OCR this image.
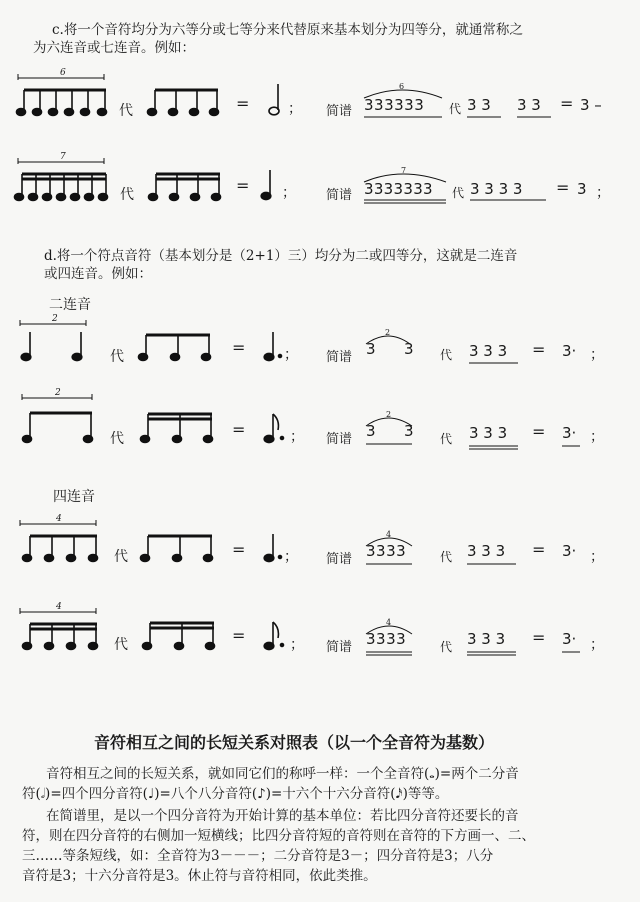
c.将一个音符均分为六等分或七等分来代替原来基本划分为四等分，就通常称之
为六连音或七连音。例如：
6
7
2
2
4
4
6
7
2
2
4
4
代	=	； 简谱 333333 代 3 3 3 3 = 3 –
代	= ； 简谱 3333333 代 3 3 3 3 = 3 ；
d.将一个符点音符（基本划分是（2+1）三）均分为二或四等分，这就是二连音
或四连音。例如：
二连音
代	=	； 简谱 3 3 代 3 3 3 = 3· ；
代	=	； 简谱 3 3 代 3 3 3 = 3· ；
四连音
代	=	； 简谱 3333	代 3 3 3 = 3· ；
代	=	； 简谱 3333	代 3 3 3 = 3· ；
音符相互之间的长短关系对照表（以一个全音符为基数）
音符相互之间的长短关系，就如同它们的称呼一样：一个全音符(𝅝)=两个二分音
符(𝅗𝅥)=四个四分音符(♩)=八个八分音符(♪)=十六个十六分音符(𝅘𝅥𝅯)等等。
在简谱里，是以一个四分音符为开始计算的基本单位：若比四分音符还要长的音
符，则在四分音符的右侧加一短横线；比四分音符短的音符则在音符的下方画一、二、
三……等条短线，如：全音符为3－－－；二分音符是3－；四分音符是3；八分
音符是3；十六分音符是3。休止符与音符相同，依此类推。
